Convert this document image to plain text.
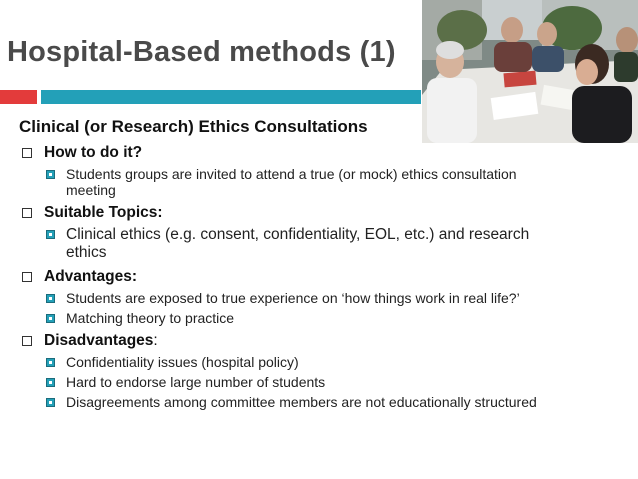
Hospital-Based methods (1)
Clinical (or Research) Ethics Consultations
How to do it?
Students groups are invited to attend a true (or mock) ethics consultation
meeting
Suitable Topics:
Clinical ethics (e.g. consent, confidentiality, EOL, etc.) and research
ethics
Advantages:
Students are exposed to true experience on ‘how things work in real life?’
Matching theory to practice
Disadvantages:
Confidentiality issues (hospital policy)
Hard to endorse large number of students
Disagreements among committee members are not educationally structured
